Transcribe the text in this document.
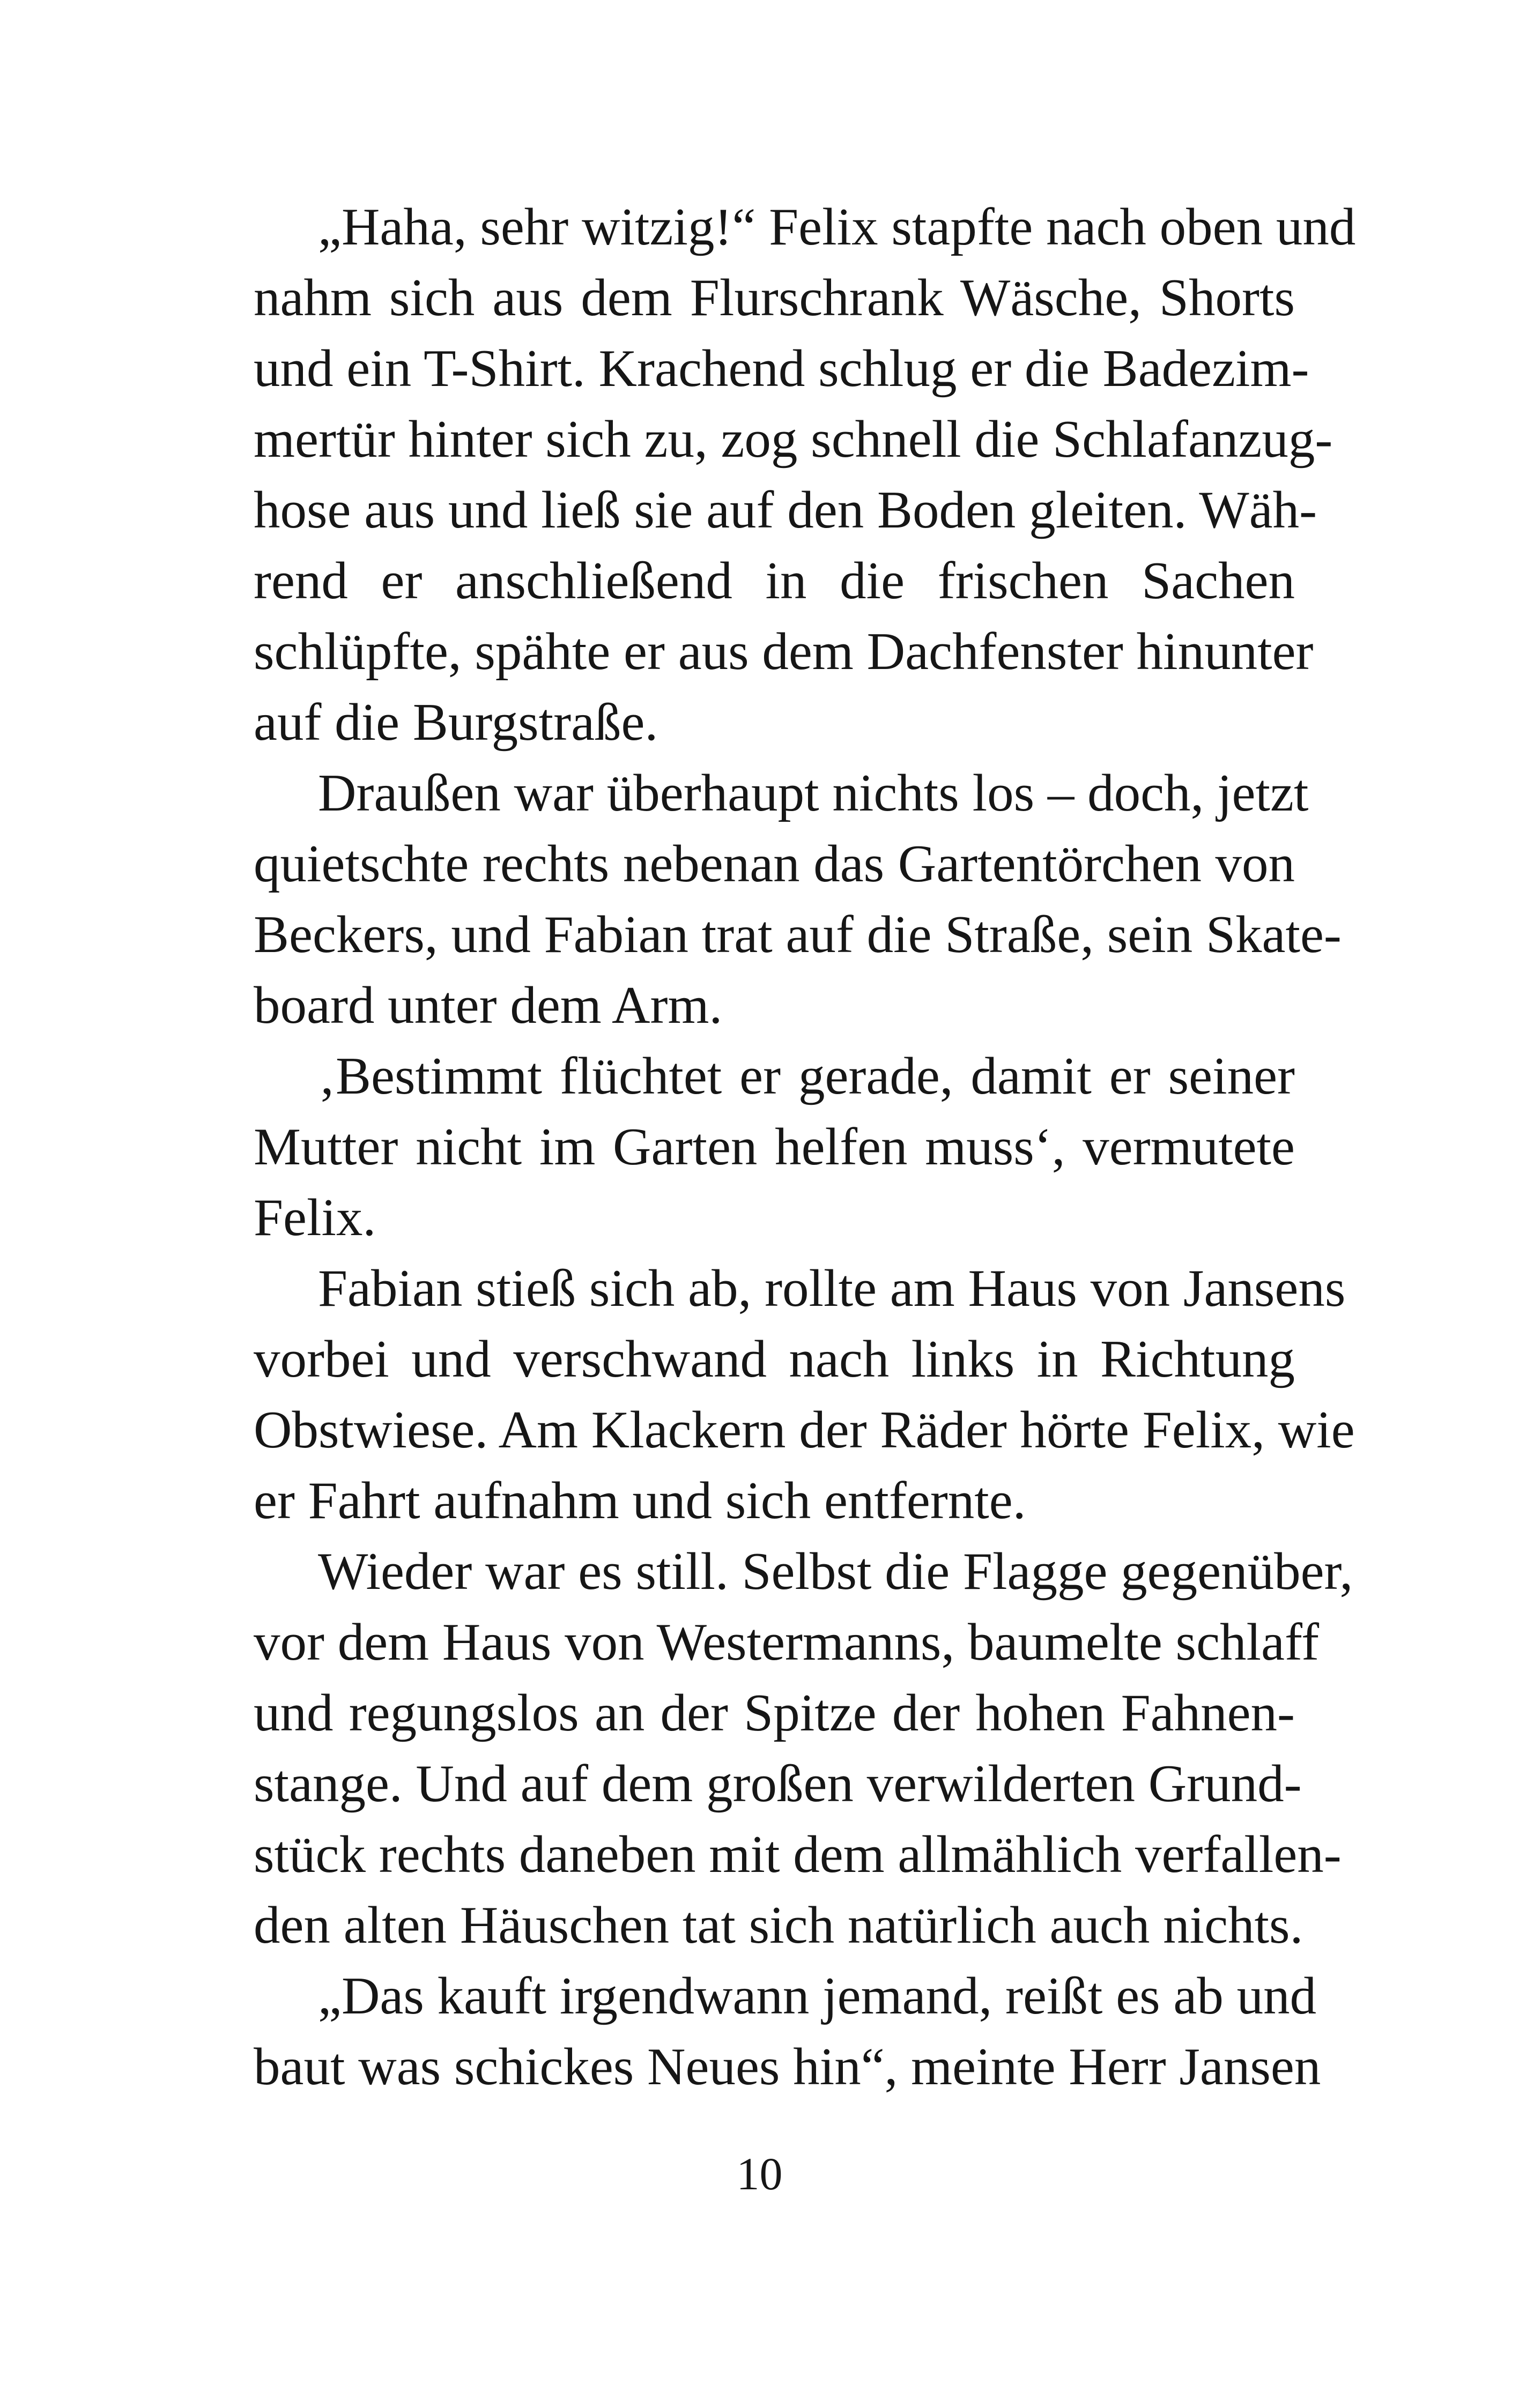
„Haha, sehr witzig!“ Felix stapfte nach oben und
nahm sich aus dem Flurschrank Wäsche, Shorts
und ein T-Shirt. Krachend schlug er die Badezim-
mertür hinter sich zu, zog schnell die Schlafanzug-
hose aus und ließ sie auf den Boden gleiten. Wäh-
rend er anschließend in die frischen Sachen
schlüpfte, spähte er aus dem Dachfenster hinunter
auf die Burgstraße.

Draußen war überhaupt nichts los – doch, jetzt
quietschte rechts nebenan das Gartentörchen von
Beckers, und Fabian trat auf die Straße, sein Skate-
board unter dem Arm.

‚Bestimmt flüchtet er gerade, damit er seiner
Mutter nicht im Garten helfen muss‘, vermutete
Felix.

Fabian stieß sich ab, rollte am Haus von Jansens
vorbei und verschwand nach links in Richtung
Obstwiese. Am Klackern der Räder hörte Felix, wie
er Fahrt aufnahm und sich entfernte.

Wieder war es still. Selbst die Flagge gegenüber,
vor dem Haus von Westermanns, baumelte schlaff
und regungslos an der Spitze der hohen Fahnen-
stange. Und auf dem großen verwilderten Grund-
stück rechts daneben mit dem allmählich verfallen-
den alten Häuschen tat sich natürlich auch nichts.

„Das kauft irgendwann jemand, reißt es ab und
baut was schickes Neues hin“, meinte Herr Jansen

10
